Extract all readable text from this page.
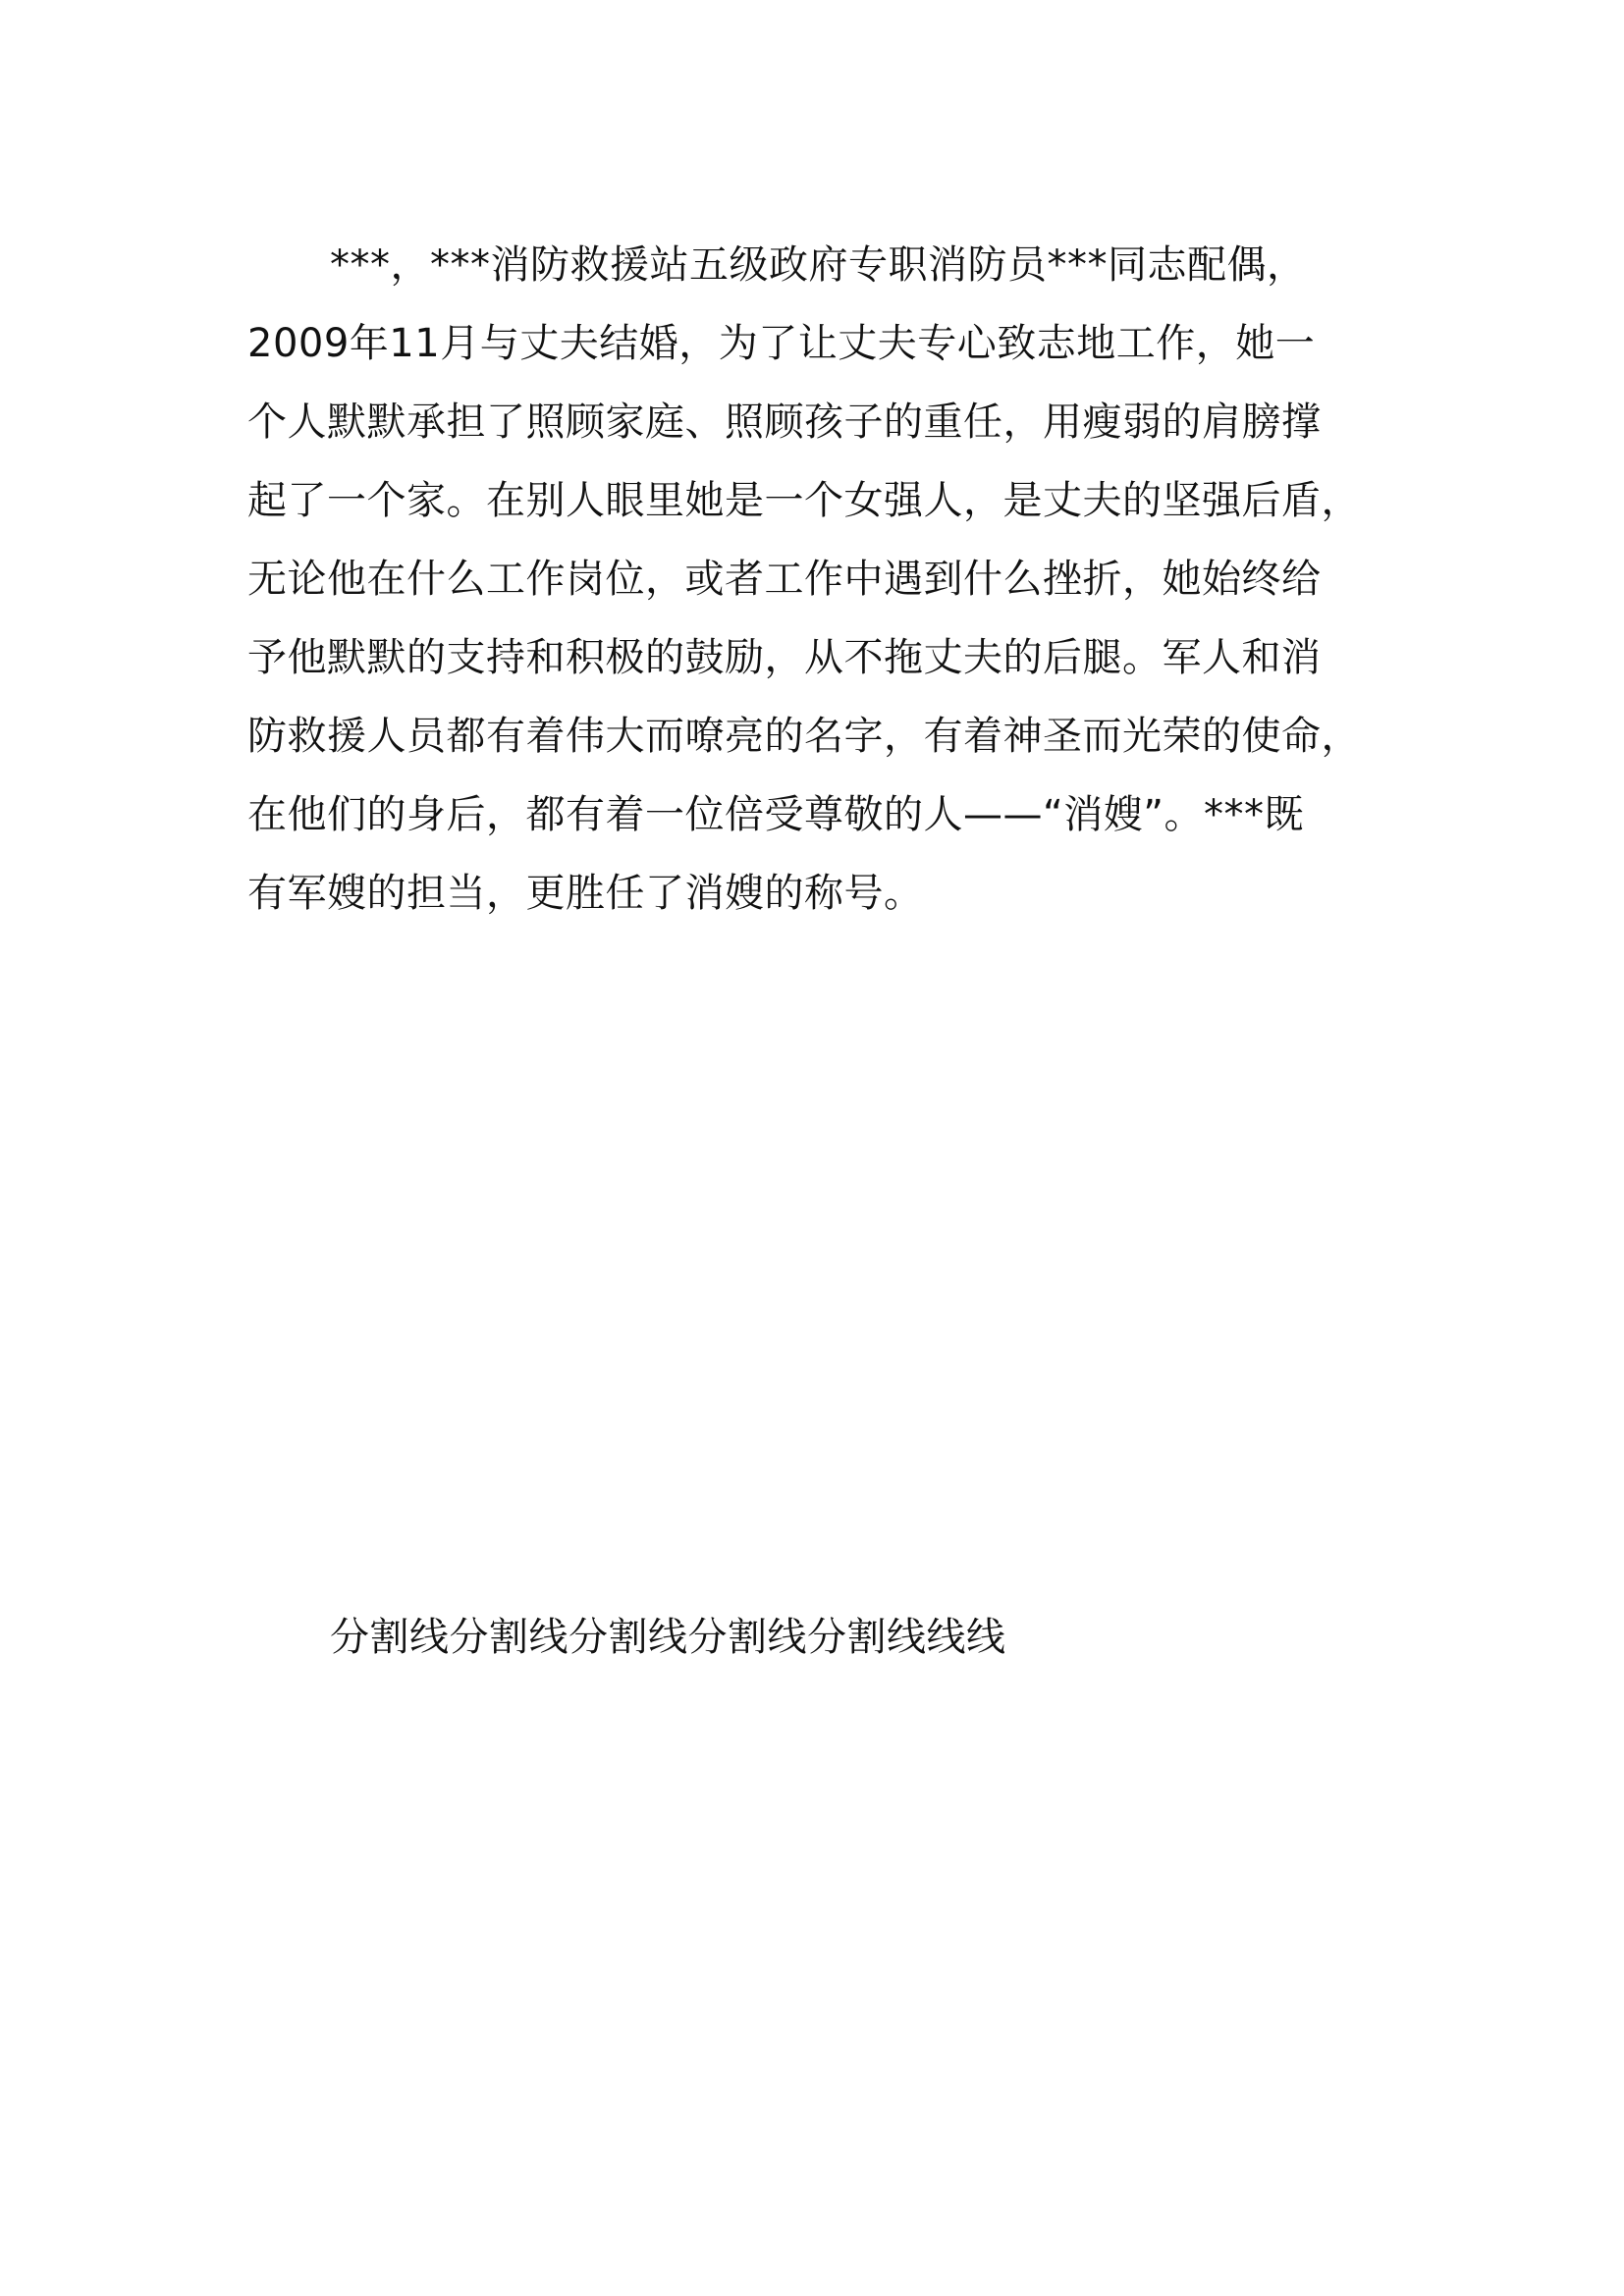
***，***消防救援站五级政府专职消防员***同志配偶，
2009年11月与丈夫结婚，为了让丈夫专心致志地工作，她一
个人默默承担了照顾家庭、照顾孩子的重任，用瘦弱的肩膀撑
起了一个家。在别人眼里她是一个女强人，是丈夫的坚强后盾，
无论他在什么工作岗位，或者工作中遇到什么挫折，她始终给
予他默默的支持和积极的鼓励，从不拖丈夫的后腿。军人和消
防救援人员都有着伟大而嘹亮的名字，有着神圣而光荣的使命，
在他们的身后，都有着一位倍受尊敬的人——“消嫂”。***既
有军嫂的担当，更胜任了消嫂的称号。

分割线分割线分割线分割线分割线线线
